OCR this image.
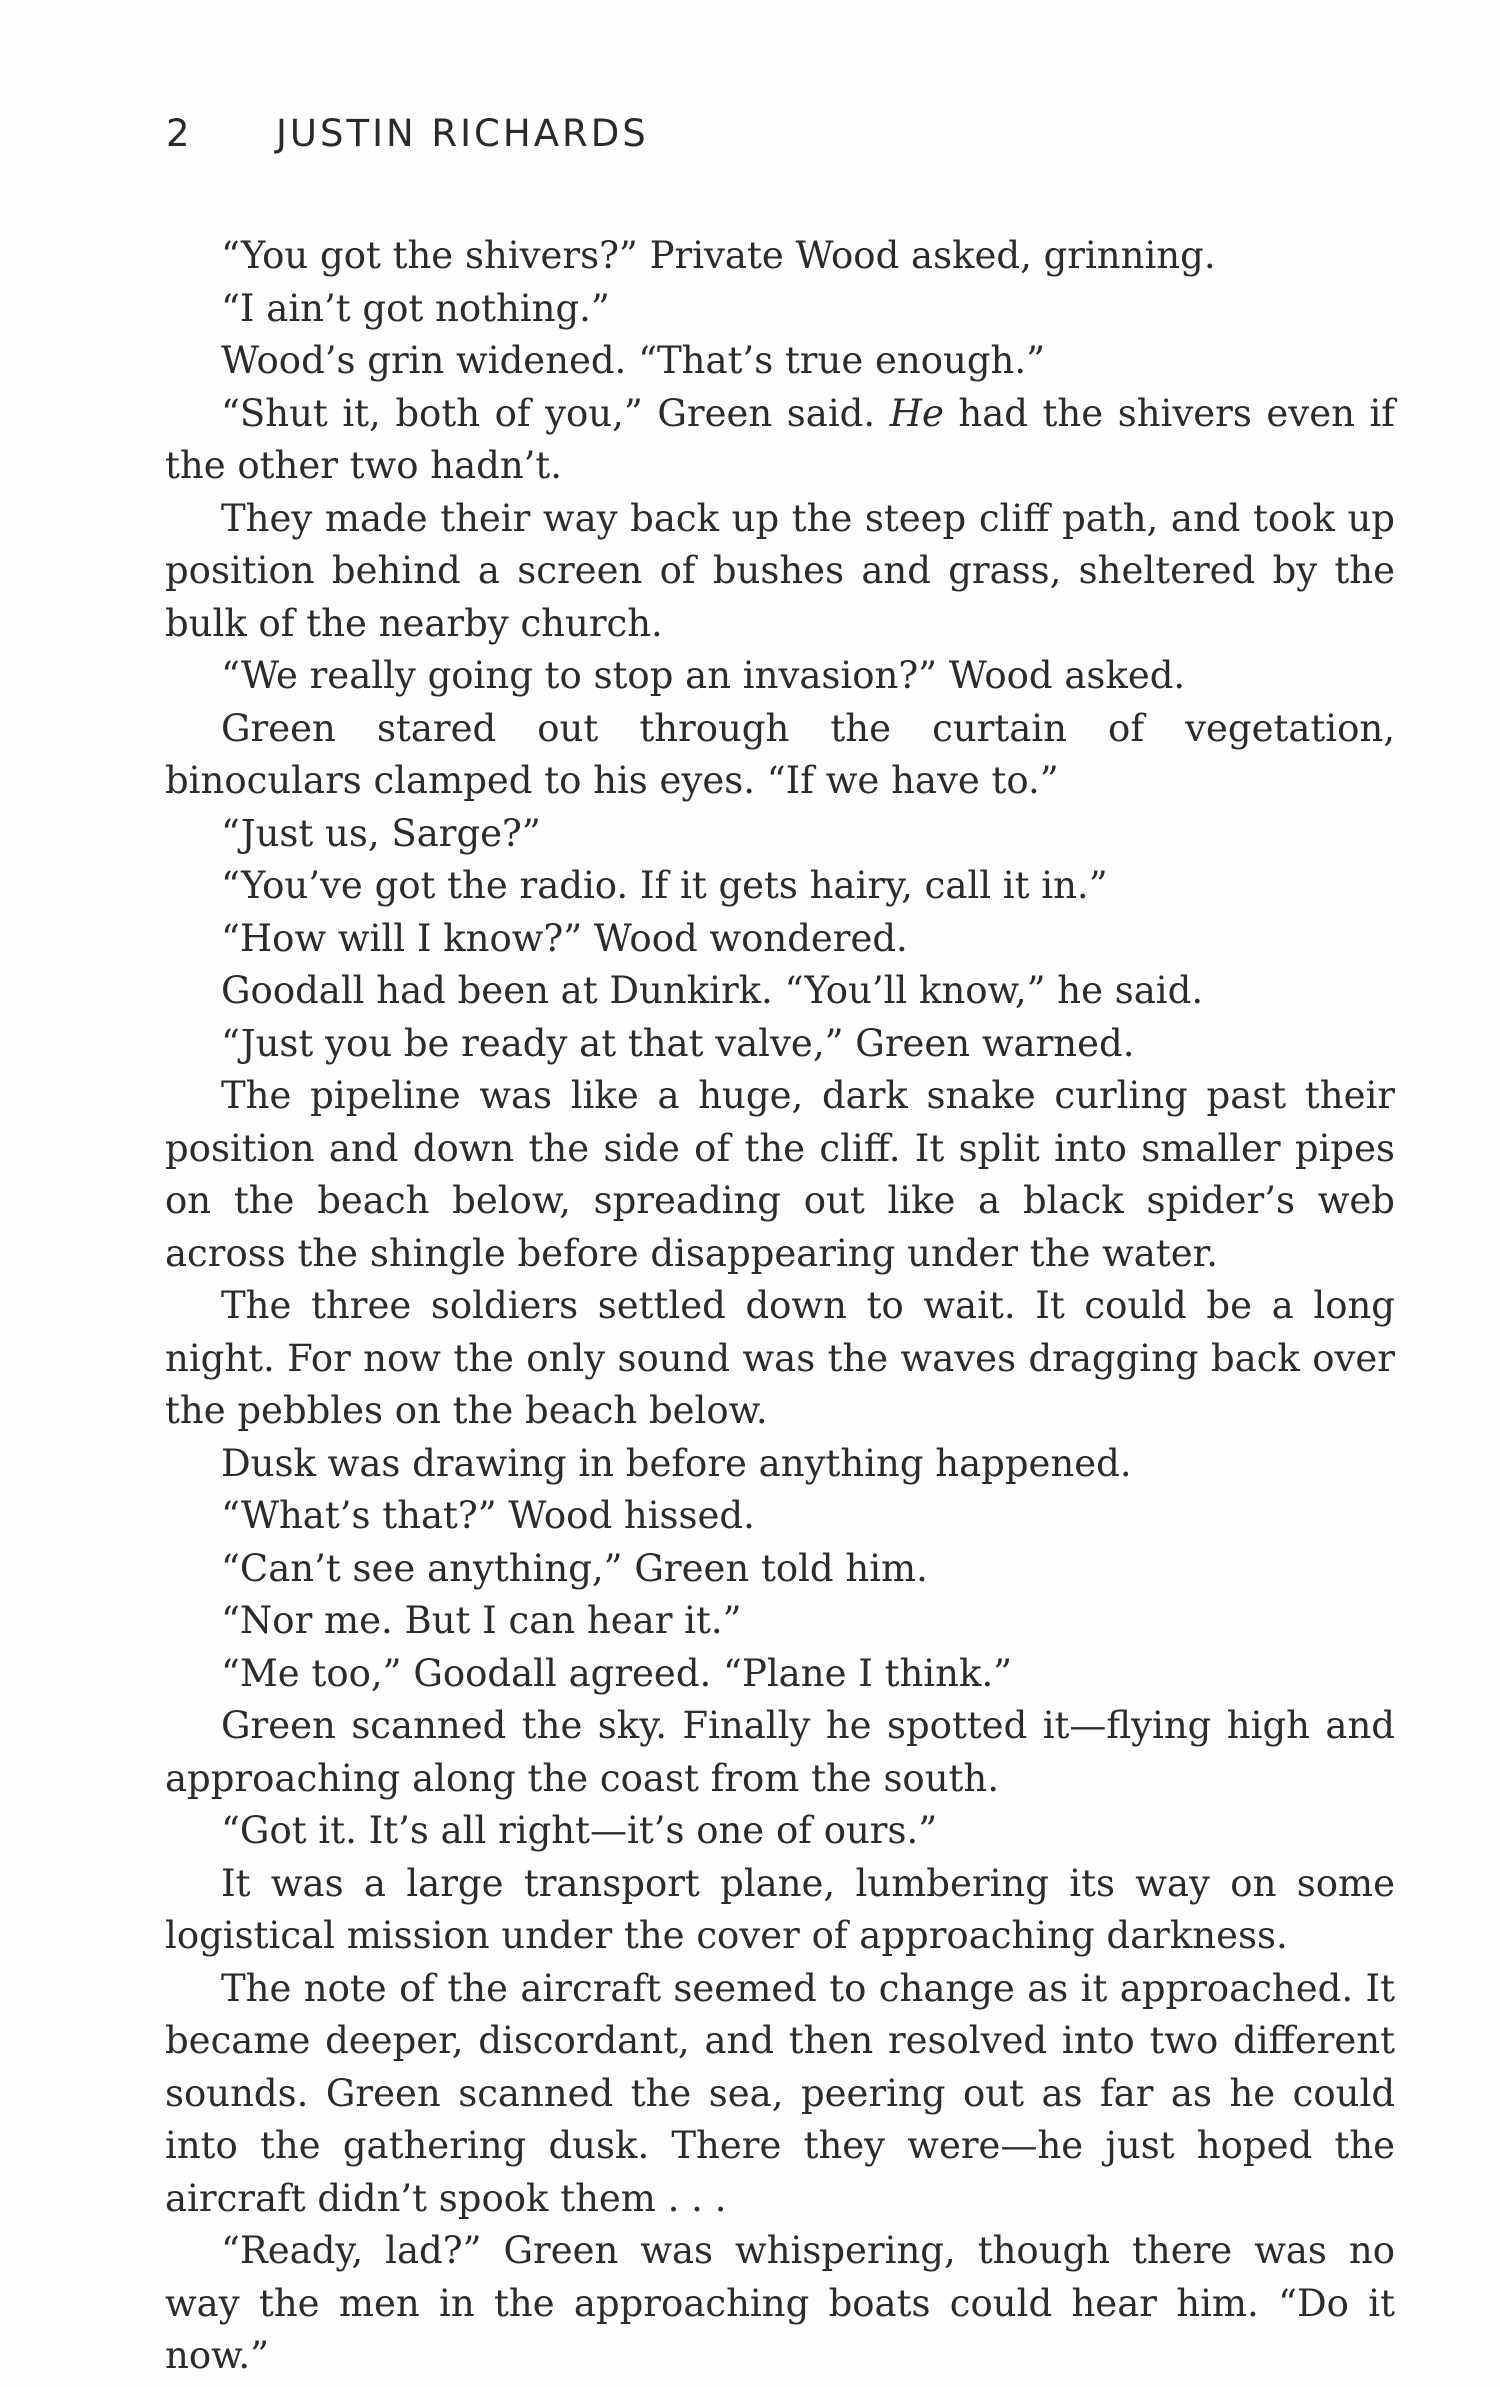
2 JUSTIN RICHARDS

“You got the shivers?” Private Wood asked, grinning.

“I ain’t got nothing.”

Wood’s grin widened. “That’s true enough.”

“Shut it, both of you,” Green said. He had the shivers even if the other two hadn’t.

They made their way back up the steep cliff path, and took up position behind a screen of bushes and grass, sheltered by the bulk of the nearby church.

“We really going to stop an invasion?” Wood asked.

Green stared out through the curtain of vegetation, binoculars clamped to his eyes. “If we have to.”

“Just us, Sarge?”

“You’ve got the radio. If it gets hairy, call it in.”

“How will I know?” Wood wondered.

Goodall had been at Dunkirk. “You’ll know,” he said.

“Just you be ready at that valve,” Green warned.

The pipeline was like a huge, dark snake curling past their position and down the side of the cliff. It split into smaller pipes on the beach below, spreading out like a black spider’s web across the shingle before disappearing under the water.

The three soldiers settled down to wait. It could be a long night. For now the only sound was the waves dragging back over the pebbles on the beach below.

Dusk was drawing in before anything happened.

“What’s that?” Wood hissed.

“Can’t see anything,” Green told him.

“Nor me. But I can hear it.”

“Me too,” Goodall agreed. “Plane I think.”

Green scanned the sky. Finally he spotted it—flying high and approaching along the coast from the south.

“Got it. It’s all right—it’s one of ours.”

It was a large transport plane, lumbering its way on some logistical mission under the cover of approaching darkness.

The note of the aircraft seemed to change as it approached. It became deeper, discordant, and then resolved into two different sounds. Green scanned the sea, peering out as far as he could into the gathering dusk. There they were—he just hoped the aircraft didn’t spook them . . .

“Ready, lad?” Green was whispering, though there was no way the men in the approaching boats could hear him. “Do it now.”
